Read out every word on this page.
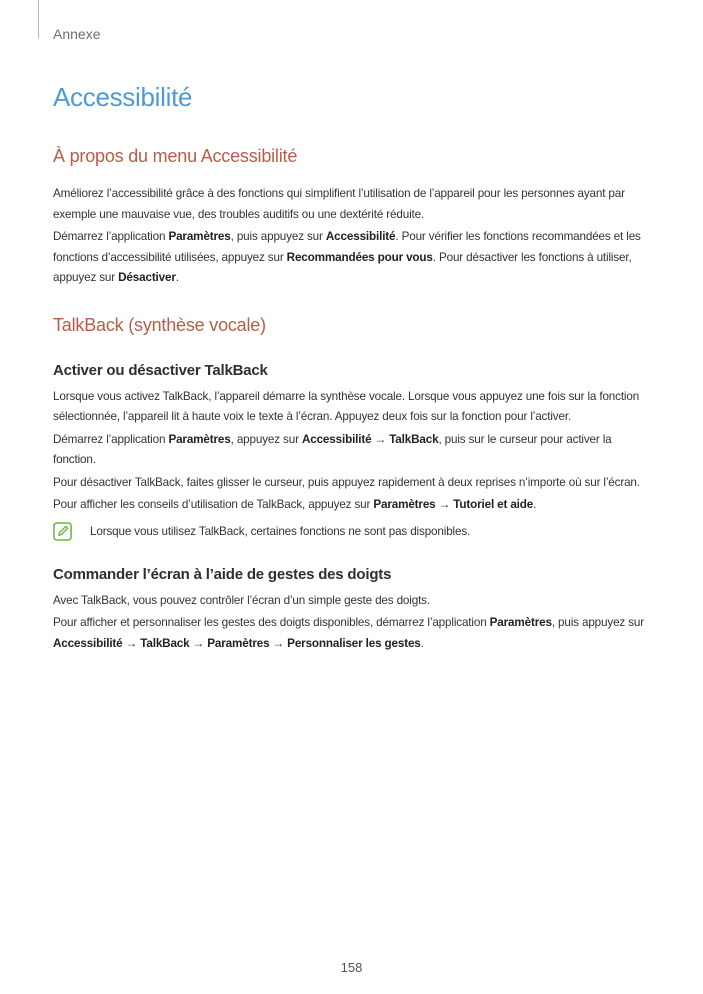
Annexe
Accessibilité
À propos du menu Accessibilité

Améliorez l’accessibilité grâce à des fonctions qui simplifient l’utilisation de l’appareil pour les personnes ayant par exemple une mauvaise vue, des troubles auditifs ou une dextérité réduite.

Démarrez l’application Paramètres, puis appuyez sur Accessibilité. Pour vérifier les fonctions recommandées et les fonctions d’accessibilité utilisées, appuyez sur Recommandées pour vous. Pour désactiver les fonctions à utiliser, appuyez sur Désactiver.

TalkBack (synthèse vocale)
Activer ou désactiver TalkBack

Lorsque vous activez TalkBack, l’appareil démarre la synthèse vocale. Lorsque vous appuyez une fois sur la fonction sélectionnée, l’appareil lit à haute voix le texte à l’écran. Appuyez deux fois sur la fonction pour l’activer.

Démarrez l’application Paramètres, appuyez sur Accessibilité → TalkBack, puis sur le curseur pour activer la fonction.

Pour désactiver TalkBack, faites glisser le curseur, puis appuyez rapidement à deux reprises n’importe où sur l’écran.

Pour afficher les conseils d’utilisation de TalkBack, appuyez sur Paramètres → Tutoriel et aide.

Lorsque vous utilisez TalkBack, certaines fonctions ne sont pas disponibles.
Commander l’écran à l’aide de gestes des doigts

Avec TalkBack, vous pouvez contrôler l’écran d’un simple geste des doigts.

Pour afficher et personnaliser les gestes des doigts disponibles, démarrez l’application Paramètres, puis appuyez sur Accessibilité → TalkBack → Paramètres → Personnaliser les gestes.

158
